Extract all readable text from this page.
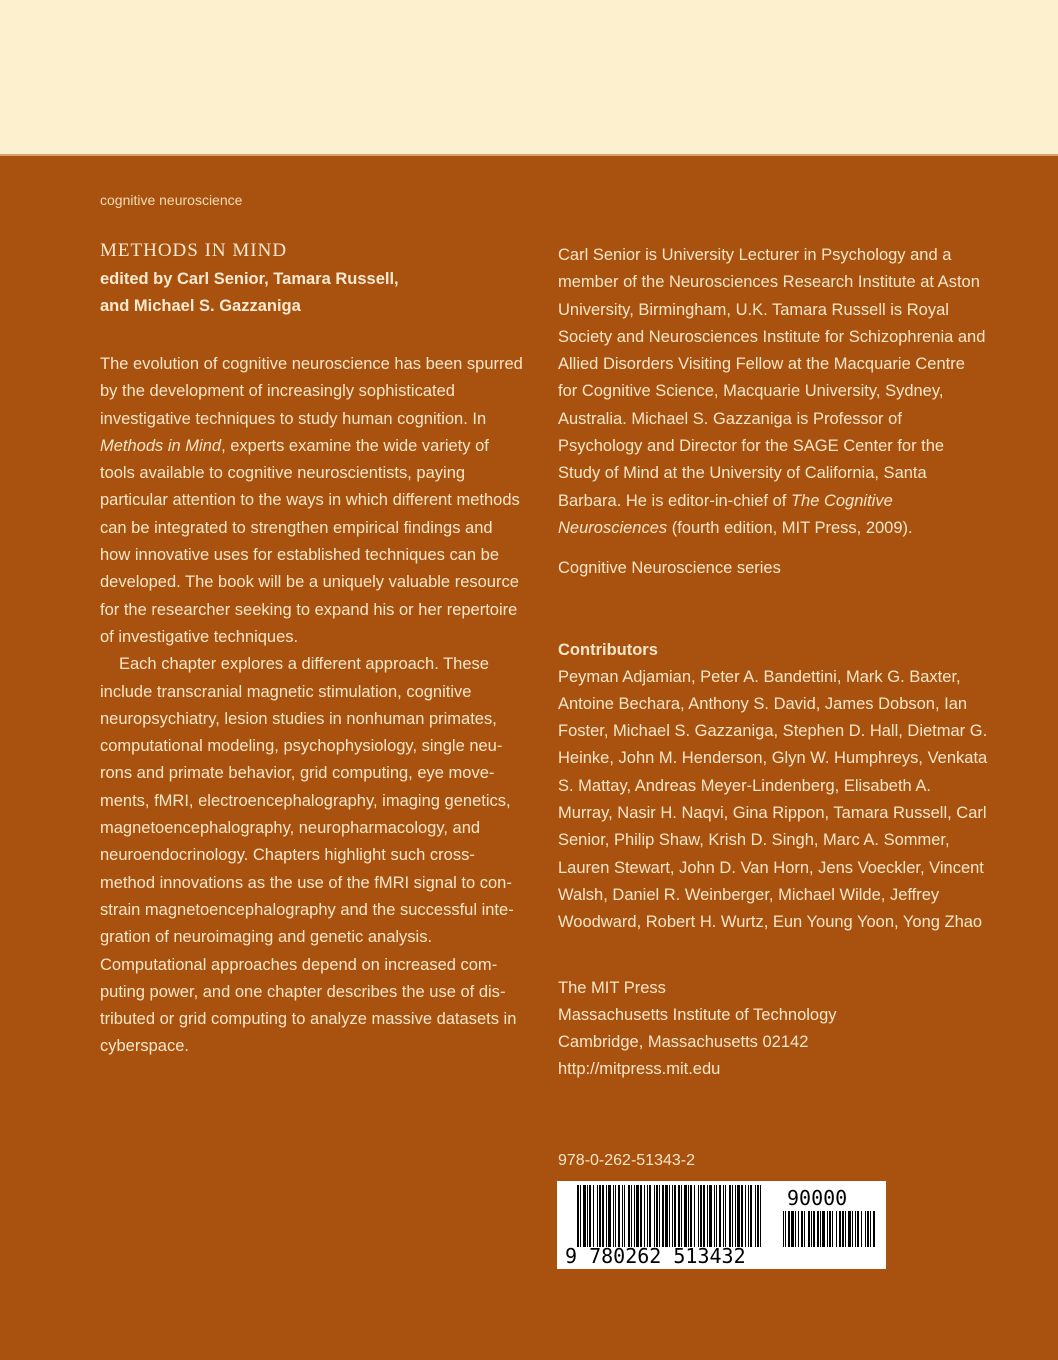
cognitive neuroscience
METHODS IN MIND
edited by Carl Senior, Tamara Russell,
and Michael S. Gazzaniga

The evolution of cognitive neuroscience has been spurred by the development of increasingly sophisticated investigative techniques to study human cognition. In Methods in Mind, experts examine the wide variety of tools available to cognitive neuroscientists, paying particular attention to the ways in which different methods can be integrated to strengthen empirical findings and how innovative uses for established techniques can be developed. The book will be a uniquely valuable resource for the researcher seeking to expand his or her repertoire of investigative techniques.

Each chapter explores a different approach. These include transcranial magnetic stimulation, cognitive neuropsychiatry, lesion studies in nonhuman primates, computational modeling, psychophysiology, single neurons and primate behavior, grid computing, eye movements, fMRI, electroencephalography, imaging genetics, magnetoencephalography, neuropharmacology, and neuroendocrinology. Chapters highlight such cross-method innovations as the use of the fMRI signal to constrain magnetoencephalography and the successful integration of neuroimaging and genetic analysis. Computational approaches depend on increased computing power, and one chapter describes the use of distributed or grid computing to analyze massive datasets in cyberspace.

Carl Senior is University Lecturer in Psychology and a member of the Neurosciences Research Institute at Aston University, Birmingham, U.K. Tamara Russell is Royal Society and Neurosciences Institute for Schizophrenia and Allied Disorders Visiting Fellow at the Macquarie Centre for Cognitive Science, Macquarie University, Sydney, Australia. Michael S. Gazzaniga is Professor of Psychology and Director for the SAGE Center for the Study of Mind at the University of California, Santa Barbara. He is editor-in-chief of The Cognitive Neurosciences (fourth edition, MIT Press, 2009).

Cognitive Neuroscience series

Contributors

Peyman Adjamian, Peter A. Bandettini, Mark G. Baxter, Antoine Bechara, Anthony S. David, James Dobson, Ian Foster, Michael S. Gazzaniga, Stephen D. Hall, Dietmar G. Heinke, John M. Henderson, Glyn W. Humphreys, Venkata S. Mattay, Andreas Meyer-Lindenberg, Elisabeth A. Murray, Nasir H. Naqvi, Gina Rippon, Tamara Russell, Carl Senior, Philip Shaw, Krish D. Singh, Marc A. Sommer, Lauren Stewart, John D. Van Horn, Jens Voeckler, Vincent Walsh, Daniel R. Weinberger, Michael Wilde, Jeffrey Woodward, Robert H. Wurtz, Eun Young Yoon, Yong Zhao

The MIT Press
Massachusetts Institute of Technology
Cambridge, Massachusetts 02142
http://mitpress.mit.edu
978-0-262-51343-2
9 780262 513432
90000
